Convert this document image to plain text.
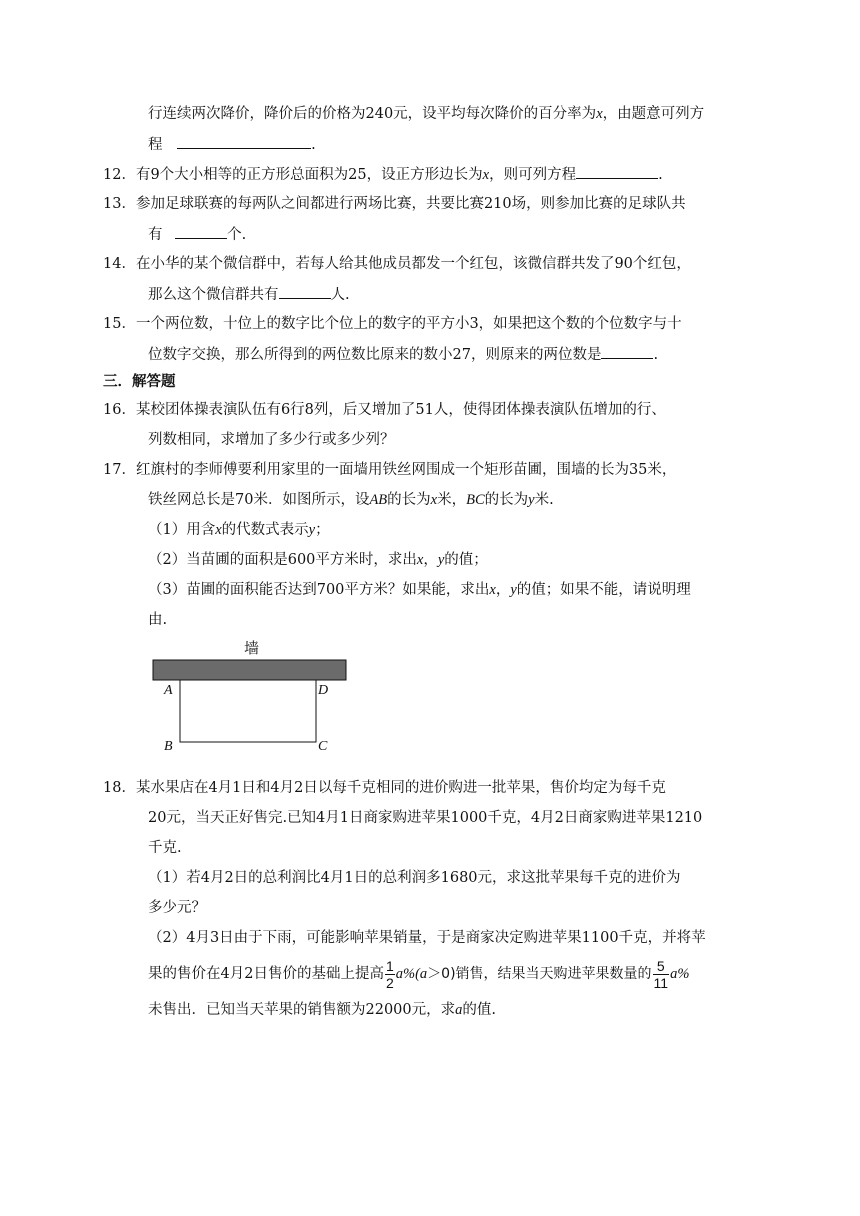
行连续两次降价，降价后的价格为240元，设平均每次降价的百分率为x，由题意可列方
程	.
12．有9个大小相等的正方形总面积为25，设正方形边长为x，则可列方程	.
13．参加足球联赛的每两队之间都进行两场比赛，共要比赛210场，则参加比赛的足球队共
有	个.
14．在小华的某个微信群中，若每人给其他成员都发一个红包，该微信群共发了90个红包，
那么这个微信群共有	人.
15．一个两位数，十位上的数字比个位上的数字的平方小3，如果把这个数的个位数字与十
位数字交换，那么所得到的两位数比原来的数小27，则原来的两位数是	.
三．解答题
16．某校团体操表演队伍有6行8列，后又增加了51人，使得团体操表演队伍增加的行、
列数相同，求增加了多少行或多少列？
17．红旗村的李师傅要利用家里的一面墙用铁丝网围成一个矩形苗圃，围墙的长为35米，
铁丝网总长是70米．如图所示，设AB的长为x米，BC的长为y米.
（1）用含x的代数式表示y；
（2）当苗圃的面积是600平方米时，求出x，y的值；
（3）苗圃的面积能否达到700平方米？如果能，求出x，y的值；如果不能，请说明理
由.
墙
A	D
B	C
18．某水果店在4月1日和4月2日以每千克相同的进价购进一批苹果，售价均定为每千克
20元，当天正好售完.已知4月1日商家购进苹果1000千克，4月2日商家购进苹果1210
千克.
（1）若4月2日的总利润比4月1日的总利润多1680元，求这批苹果每千克的进价为
多少元？
（2）4月3日由于下雨，可能影响苹果销量，于是商家决定购进苹果1100千克，并将苹
果的售价在4月2日售价的基础上提高 $\frac{1}{2} a\%(a>0)$销售，结果当天购进苹果数量的 $\frac{5}{11} a\%$
未售出．已知当天苹果的销售额为22000元，求a的值.
